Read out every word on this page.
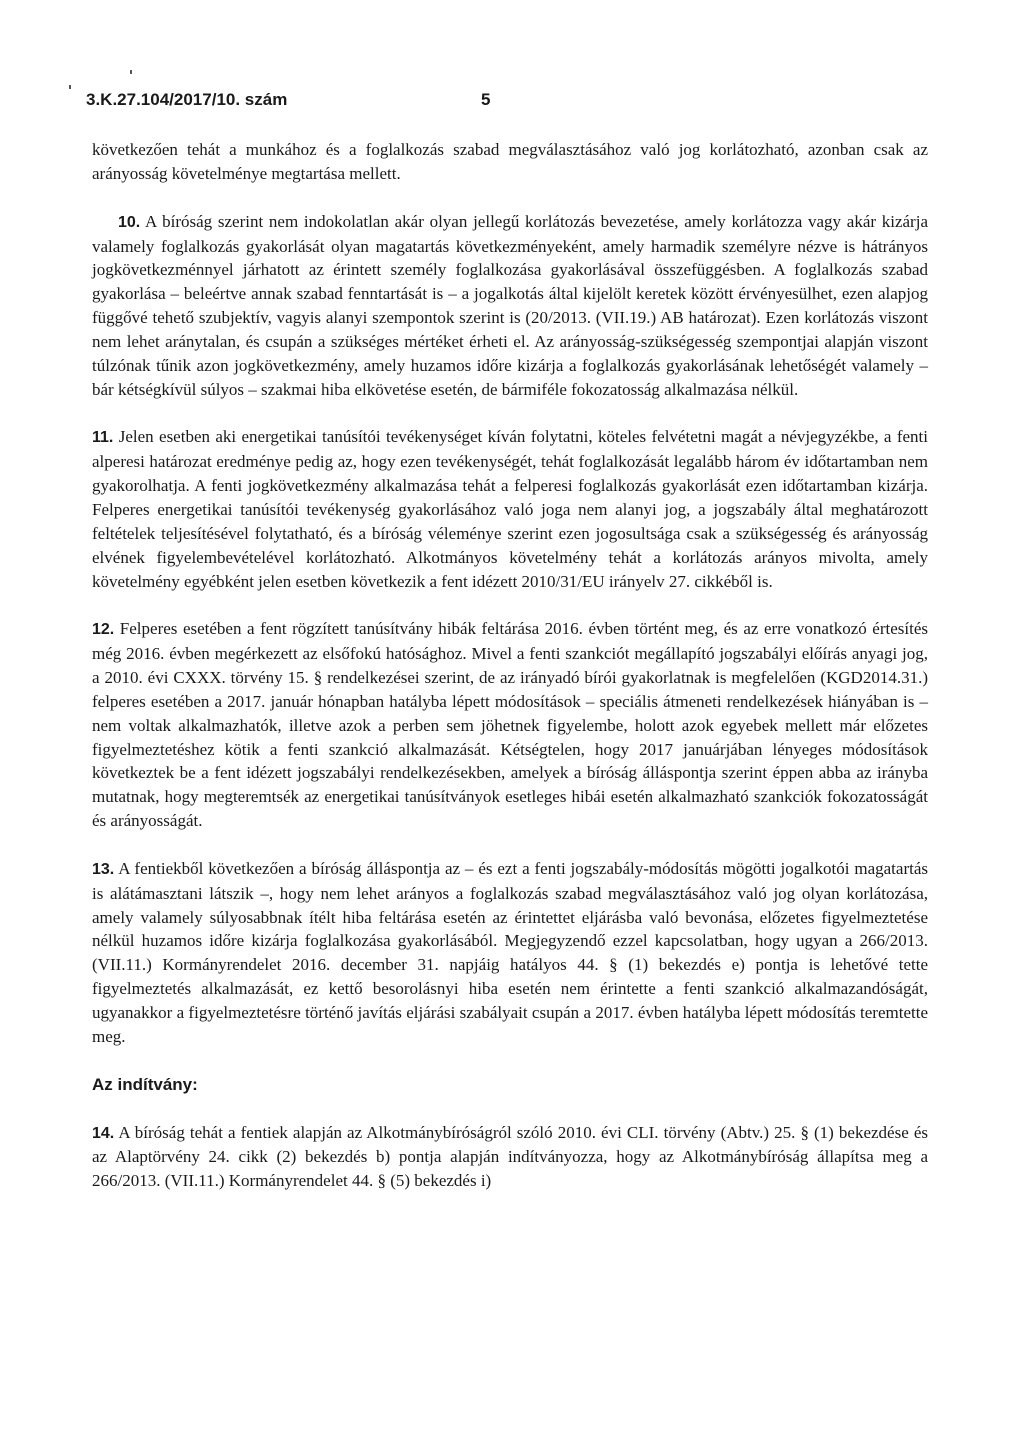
3.K.27.104/2017/10. szám	5

következően tehát a munkához és a foglalkozás szabad megválasztásához való jog korlátozható, azonban csak az arányosság követelménye megtartása mellett.

10. A bíróság szerint nem indokolatlan akár olyan jellegű korlátozás bevezetése, amely korlátozza vagy akár kizárja valamely foglalkozás gyakorlását olyan magatartás következményeként, amely harmadik személyre nézve is hátrányos jogkövetkezménnyel járhatott az érintett személy foglalkozása gyakorlásával összefüggésben. A foglalkozás szabad gyakorlása – beleértve annak szabad fenntartását is – a jogalkotás által kijelölt keretek között érvényesülhet, ezen alapjog függővé tehető szubjektív, vagyis alanyi szempontok szerint is (20/2013. (VII.19.) AB határozat). Ezen korlátozás viszont nem lehet aránytalan, és csupán a szükséges mértéket érheti el. Az arányosság-szükségesség szempontjai alapján viszont túlzónak tűnik azon jogkövetkezmény, amely huzamos időre kizárja a foglalkozás gyakorlásának lehetőségét valamely – bár kétségkívül súlyos – szakmai hiba elkövetése esetén, de bármiféle fokozatosság alkalmazása nélkül.

11. Jelen esetben aki energetikai tanúsítói tevékenységet kíván folytatni, köteles felvétetni magát a névjegyzékbe, a fenti alperesi határozat eredménye pedig az, hogy ezen tevékenységét, tehát foglalkozását legalább három év időtartamban nem gyakorolhatja. A fenti jogkövetkezmény alkalmazása tehát a felperesi foglalkozás gyakorlását ezen időtartamban kizárja. Felperes energetikai tanúsítói tevékenység gyakorlásához való joga nem alanyi jog, a jogszabály által meghatározott feltételek teljesítésével folytatható, és a bíróság véleménye szerint ezen jogosultsága csak a szükségesség és arányosság elvének figyelembevételével korlátozható. Alkotmányos követelmény tehát a korlátozás arányos mivolta, amely követelmény egyébként jelen esetben következik a fent idézett 2010/31/EU irányelv 27. cikkéből is.

12. Felperes esetében a fent rögzített tanúsítvány hibák feltárása 2016. évben történt meg, és az erre vonatkozó értesítés még 2016. évben megérkezett az elsőfokú hatósághoz. Mivel a fenti szankciót megállapító jogszabályi előírás anyagi jog, a 2010. évi CXXX. törvény 15. § rendelkezései szerint, de az irányadó bírói gyakorlatnak is megfelelően (KGD2014.31.) felperes esetében a 2017. január hónapban hatályba lépett módosítások – speciális átmeneti rendelkezések hiányában is – nem voltak alkalmazhatók, illetve azok a perben sem jöhetnek figyelembe, holott azok egyebek mellett már előzetes figyelmeztetéshez kötik a fenti szankció alkalmazását. Kétségtelen, hogy 2017 januárjában lényeges módosítások következtek be a fent idézett jogszabályi rendelkezésekben, amelyek a bíróság álláspontja szerint éppen abba az irányba mutatnak, hogy megteremtsék az energetikai tanúsítványok esetleges hibái esetén alkalmazható szankciók fokozatosságát és arányosságát.

13. A fentiekből következően a bíróság álláspontja az – és ezt a fenti jogszabály-módosítás mögötti jogalkotói magatartás is alátámasztani látszik –, hogy nem lehet arányos a foglalkozás szabad megválasztásához való jog olyan korlátozása, amely valamely súlyosabbnak ítélt hiba feltárása esetén az érintettet eljárásba való bevonása, előzetes figyelmeztetése nélkül huzamos időre kizárja foglalkozása gyakorlásából. Megjegyzendő ezzel kapcsolatban, hogy ugyan a 266/2013. (VII.11.) Kormányrendelet 2016. december 31. napjáig hatályos 44. § (1) bekezdés e) pontja is lehetővé tette figyelmeztetés alkalmazását, ez kettő besorolásnyi hiba esetén nem érintette a fenti szankció alkalmazandóságát, ugyanakkor a figyelmeztetésre történő javítás eljárási szabályait csupán a 2017. évben hatályba lépett módosítás teremtette meg.

Az indítvány:

14. A bíróság tehát a fentiek alapján az Alkotmánybíróságról szóló 2010. évi CLI. törvény (Abtv.) 25. § (1) bekezdése és az Alaptörvény 24. cikk (2) bekezdés b) pontja alapján indítványozza, hogy az Alkotmánybíróság állapítsa meg a 266/2013. (VII.11.) Kormányrendelet 44. § (5) bekezdés i)
